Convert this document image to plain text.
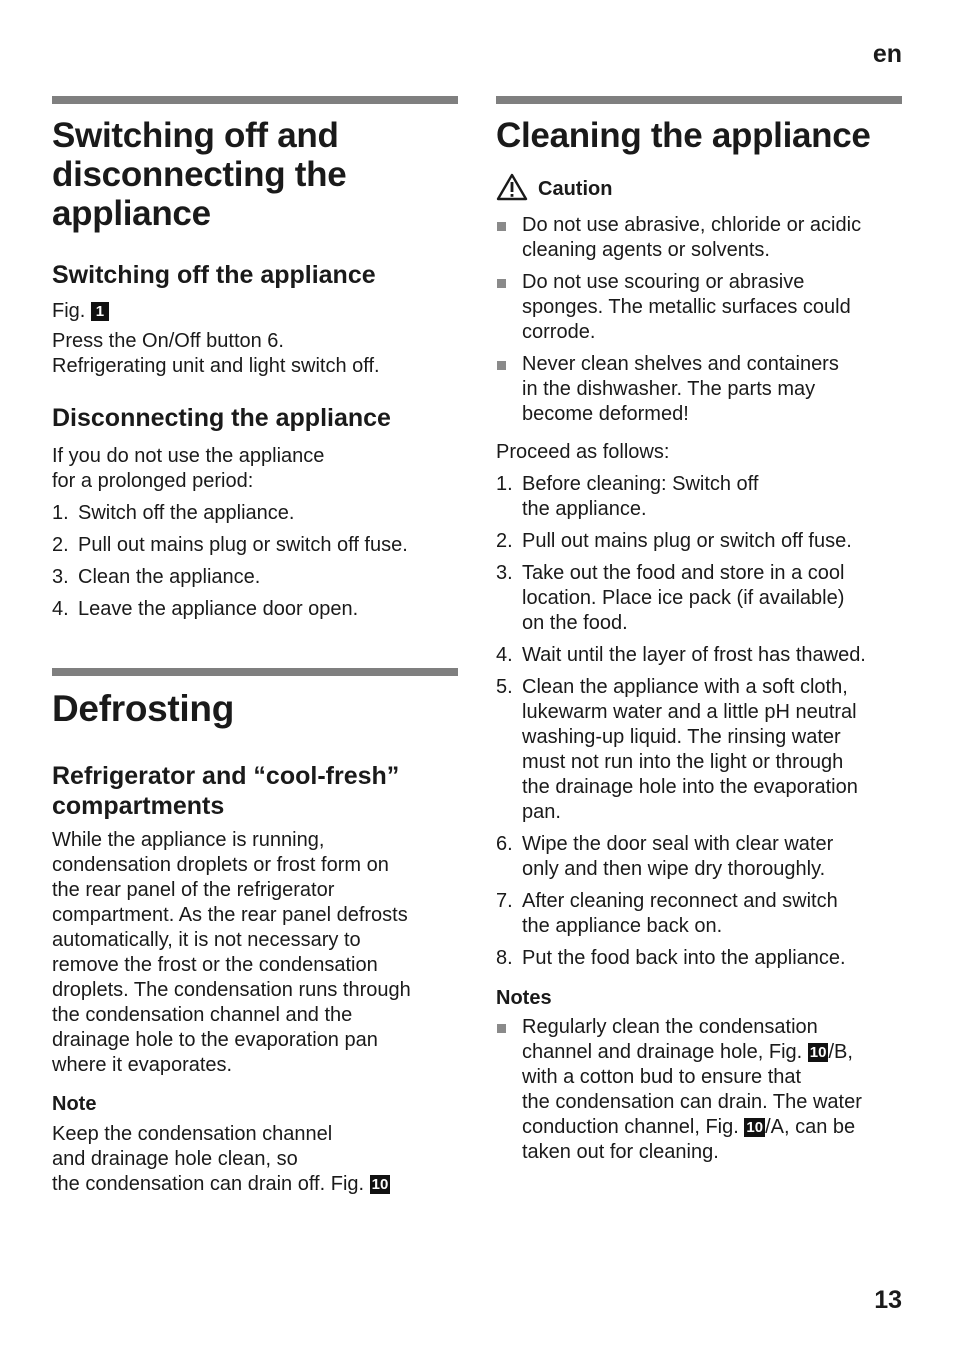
en
Switching off and
disconnecting the
appliance
Switching off the appliance

Fig. 1

Press the On/Off button 6.
Refrigerating unit and light switch off.

Disconnecting the appliance

If you do not use the appliance
for a prolonged period:

1. Switch off the appliance.
2. Pull out mains plug or switch off fuse.
3. Clean the appliance.
4. Leave the appliance door open.
Defrosting
Refrigerator and “cool-fresh”
compartments

While the appliance is running,
condensation droplets or frost form on
the rear panel of the refrigerator
compartment. As the rear panel defrosts
automatically, it is not necessary to
remove the frost or the condensation
droplets. The condensation runs through
the condensation channel and the
drainage hole to the evaporation pan
where it evaporates.

Note

Keep the condensation channel
and drainage hole clean, so
the condensation can drain off. Fig. 10

Cleaning the appliance
Caution
Do not use abrasive, chloride or acidic
cleaning agents or solvents.
Do not use scouring or abrasive
sponges. The metallic surfaces could
corrode.
Never clean shelves and containers
in the dishwasher. The parts may
become deformed!

Proceed as follows:

1. Before cleaning: Switch off
the appliance.
2. Pull out mains plug or switch off fuse.
3. Take out the food and store in a cool
location. Place ice pack (if available)
on the food.
4. Wait until the layer of frost has thawed.
5. Clean the appliance with a soft cloth,
lukewarm water and a little pH neutral
washing-up liquid. The rinsing water
must not run into the light or through
the drainage hole into the evaporation
pan.
6. Wipe the door seal with clear water
only and then wipe dry thoroughly.
7. After cleaning reconnect and switch
the appliance back on.
8. Put the food back into the appliance.
Notes
Regularly clean the condensation
channel and drainage hole, Fig. 10 /B,
with a cotton bud to ensure that
the condensation can drain. The water
conduction channel, Fig. 10 /A, can be
taken out for cleaning.
13
